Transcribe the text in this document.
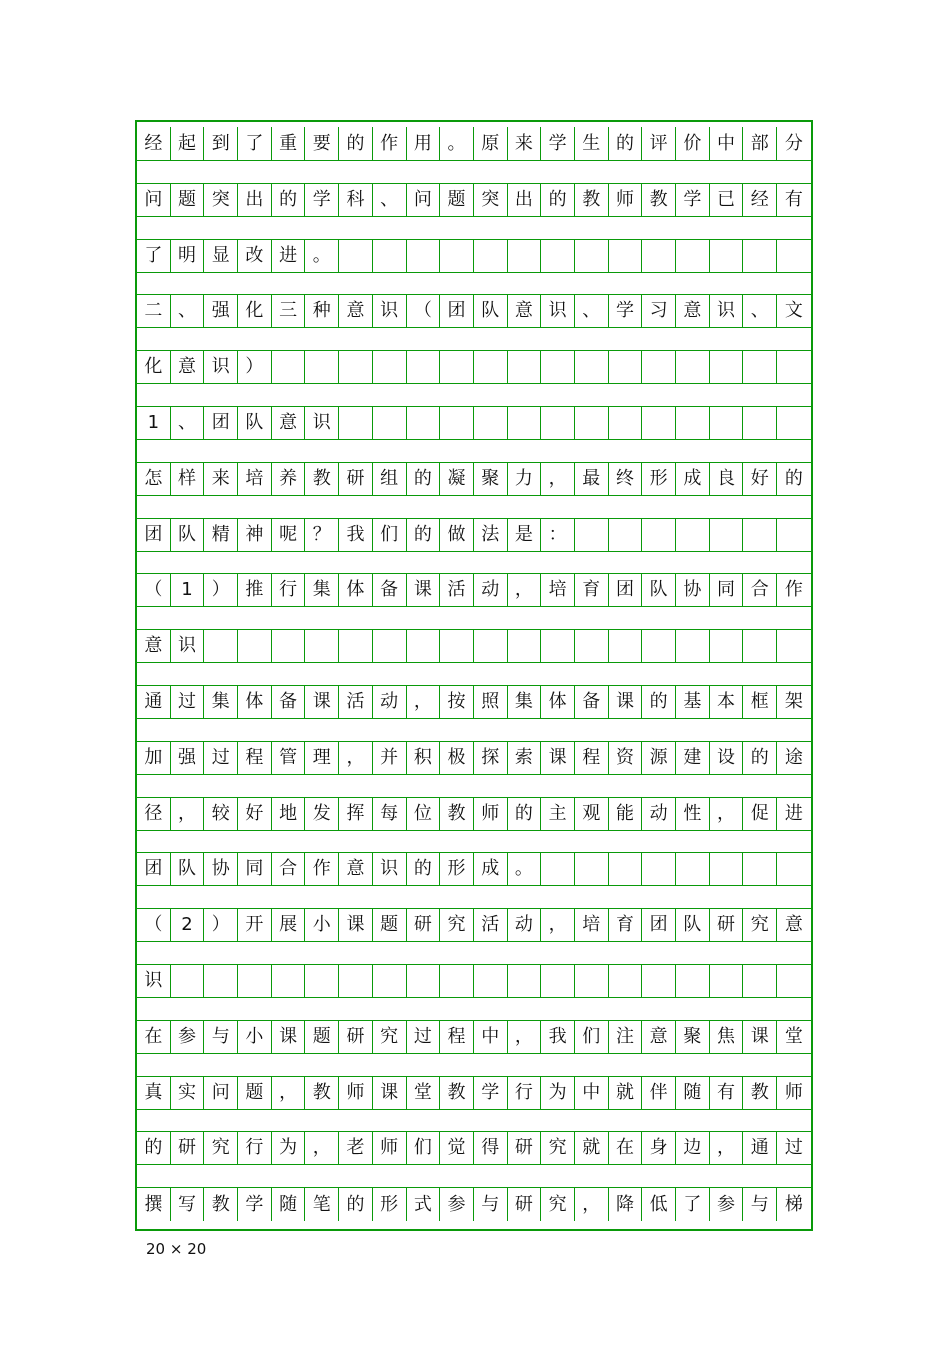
经 起 到 了 重 要 的 作 用 。 原 来 学 生 的 评 价 中 部 分
问 题 突 出 的 学 科 、 问 题 突 出 的 教 师 教 学 已 经 有
了 明 显 改 进 。
二 、 强 化 三 种 意 识 （ 团 队 意 识 、 学 习 意 识 、 文
化 意 识 ）
1	、 团 队 意 识
怎 样 来 培 养 教 研 组 的 凝 聚 力 ， 最 终 形 成 良 好 的
团 队 精 神 呢 ？ 我 们 的 做 法 是 ：
（	1	） 推 行 集 体 备 课 活 动 ， 培 育 团 队 协 同 合 作
意 识
通 过 集 体 备 课 活 动 ， 按 照 集 体 备 课 的 基 本 框 架
加 强 过 程 管 理 ， 并 积 极 探 索 课 程 资 源 建 设 的 途
径 ， 较 好 地 发 挥 每 位 教 师 的 主 观 能 动 性 ， 促 进
团 队 协 同 合 作 意 识 的 形 成 。
（	2	） 开 展 小 课 题 研 究 活 动 ， 培 育 团 队 研 究 意
识
在 参 与 小 课 题 研 究 过 程 中 ， 我 们 注 意 聚 焦 课 堂
真 实 问 题 ， 教 师 课 堂 教 学 行 为 中 就 伴 随 有 教 师
的 研 究 行 为 ， 老 师 们 觉 得 研 究 就 在 身 边 ， 通 过
撰 写 教 学 随 笔 的 形 式 参 与 研 究 ， 降 低 了 参 与 梯
20 × 20
